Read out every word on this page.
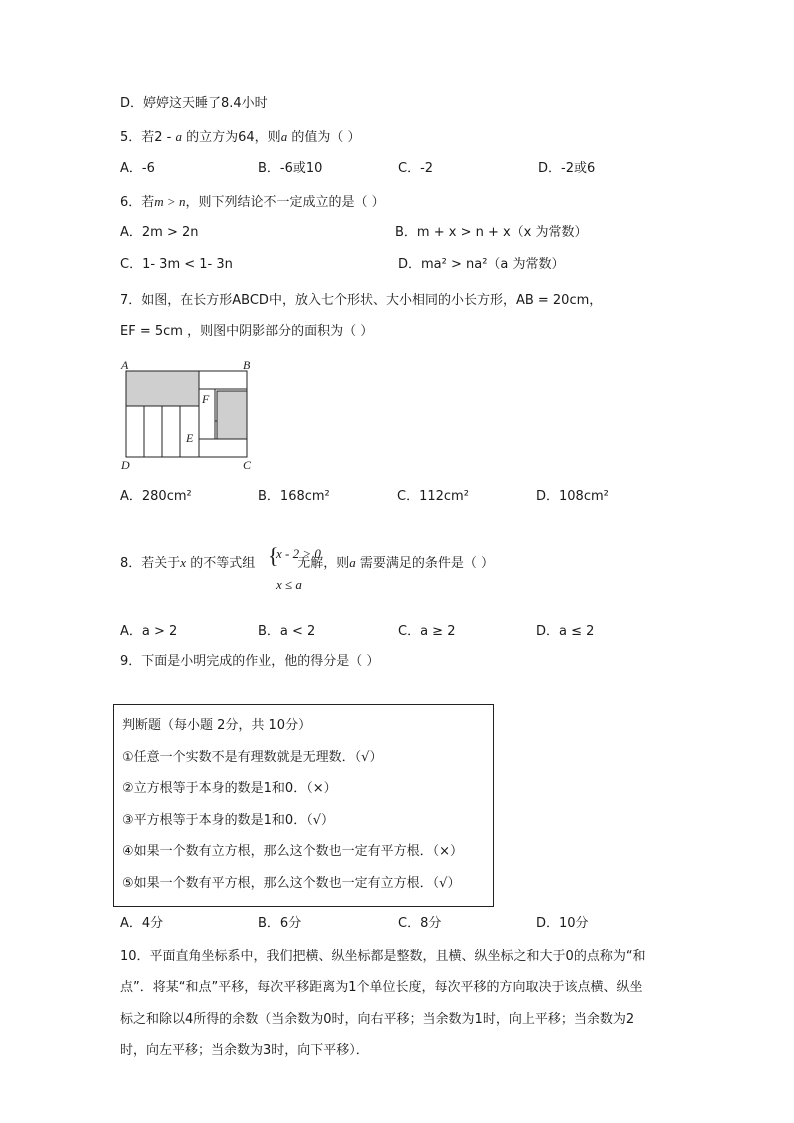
D．婷婷这天睡了8.4小时
5．若2 - a 的立方为64，则a 的值为（ ）
A．-6	B．-6或10	C．-2	D．-2或6
6．若m > n，则下列结论不一定成立的是（ ）
A．2m > 2n	B．m + x > n + x（x 为常数）
C．1- 3m < 1- 3n	D．ma² > na²（a 为常数）
7．如图，在长方形ABCD中，放入七个形状、大小相同的小长方形，AB = 20cm，
EF = 5cm ，则图中阴影部分的面积为（ ）
A	B
C
D
E
F
A．280cm²	B．168cm²	C．112cm²	D．108cm²
8．若关于x 的不等式组	无解，则a 需要满足的条件是（ ）
{
x - 2 > 0
x ≤ a
A．a > 2	B．a < 2	C．a ≥ 2	D．a ≤ 2
9．下面是小明完成的作业，他的得分是（ ）
判断题（每小题 2分，共 10分）
①任意一个实数不是有理数就是无理数．（√）
②立方根等于本身的数是1和0．（×）
③平方根等于本身的数是1和0．（√）
④如果一个数有立方根，那么这个数也一定有平方根．（×）
⑤如果一个数有平方根，那么这个数也一定有立方根．（√）
A．4分	B．6分	C．8分	D．10分
10．平面直角坐标系中，我们把横、纵坐标都是整数，且横、纵坐标之和大于0的点称为“和
点”．将某“和点”平移，每次平移距离为1个单位长度，每次平移的方向取决于该点横、纵坐
标之和除以4所得的余数（当余数为0时，向右平移；当余数为1时，向上平移；当余数为2
时，向左平移；当余数为3时，向下平移）．
